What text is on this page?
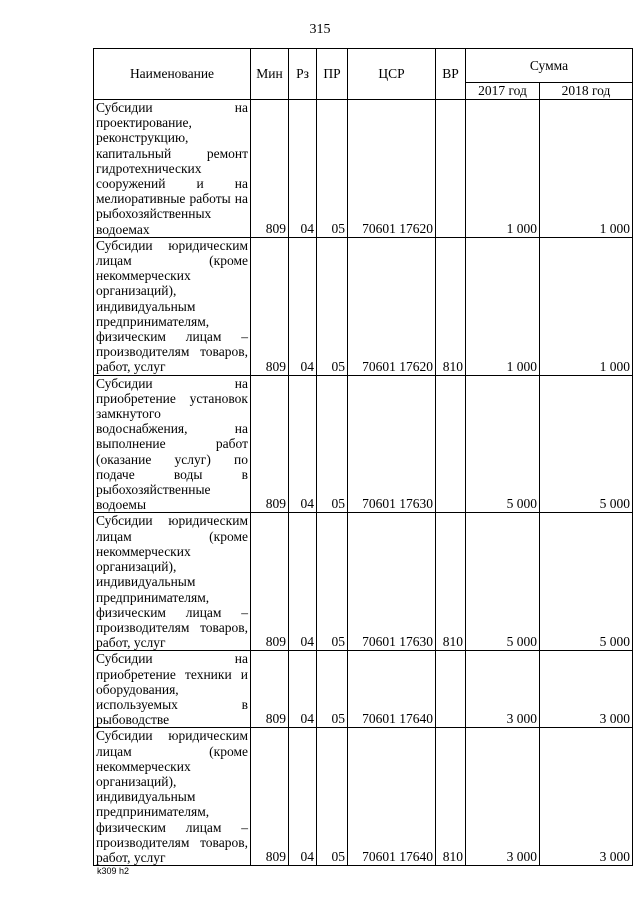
315
Наименование	Мин	Рз	ПР	ЦСР	ВР	Сумма	
						2017 год	2018 год
Субсидии на проектирование, реконструкцию, капитальный ремонт гидротехнических сооружений и на мелиоративные работы на рыбохозяйственных водоемах	809	04	05	70601 17620		1 000	1 000
Субсидии юридическим лицам (кроме некоммерческих организаций), индивидуальным предпринимателям, физическим лицам – производителям товаров, работ, услуг	809	04	05	70601 17620	810	1 000	1 000
Субсидии на приобретение установок замкнутого водоснабжения, на выполнение работ (оказание услуг) по подаче воды в рыбохозяйственные водоемы	809	04	05	70601 17630		5 000	5 000
Субсидии юридическим лицам (кроме некоммерческих организаций), индивидуальным предпринимателям, физическим лицам – производителям товаров, работ, услуг	809	04	05	70601 17630	810	5 000	5 000
Субсидии на приобретение техники и оборудования, используемых в рыбоводстве	809	04	05	70601 17640		3 000	3 000
Субсидии юридическим лицам (кроме некоммерческих организаций), индивидуальным предпринимателям, физическим лицам – производителям товаров, работ, услуг	809	04	05	70601 17640	810	3 000	3 000
k309 h2
